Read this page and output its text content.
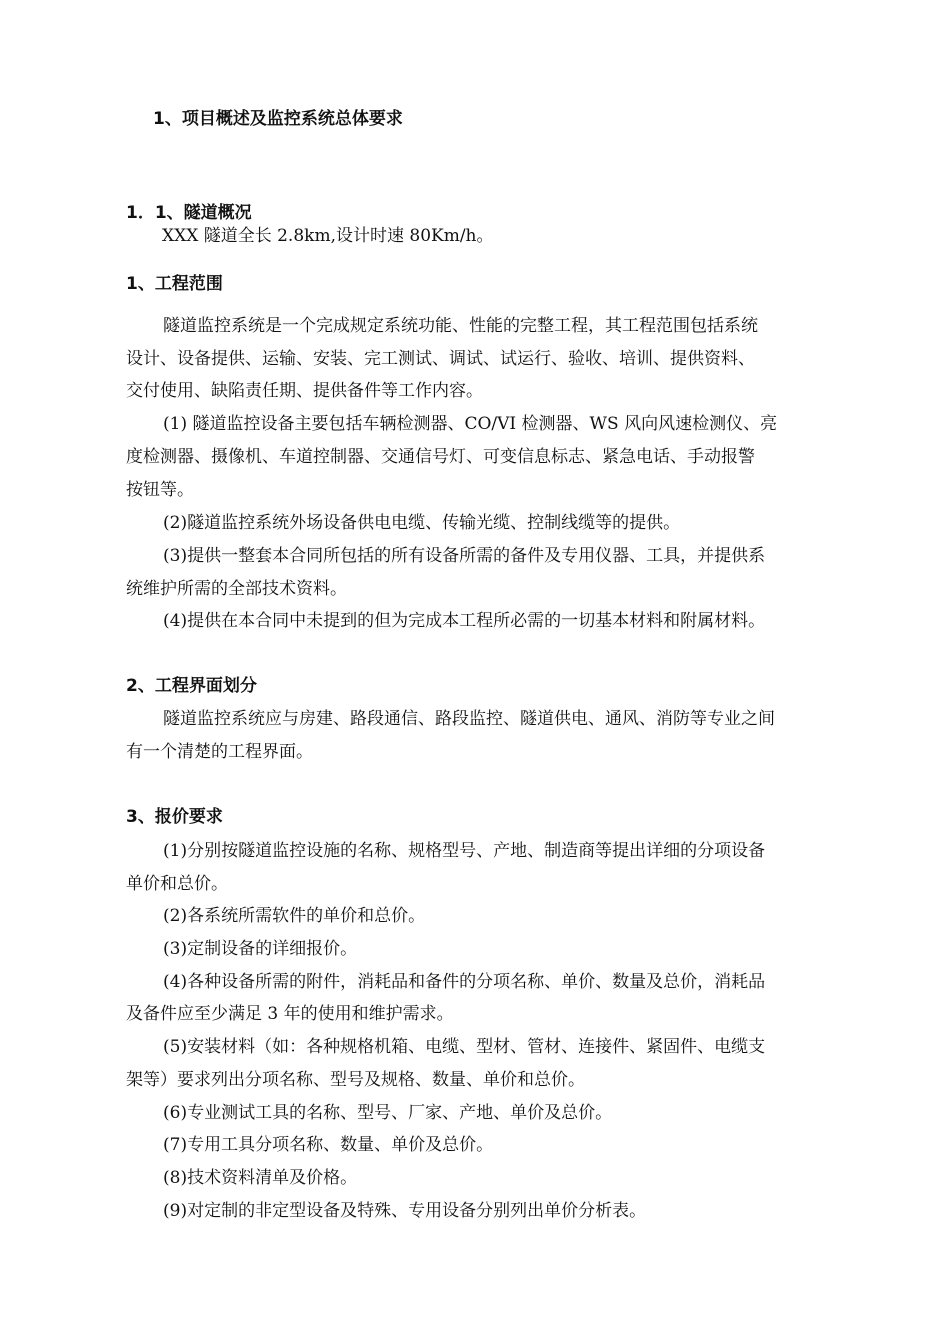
1、项目概述及监控系统总体要求
1．1、隧道概况
XXX 隧道全长 2.8km,设计时速 80Km/h。
1、工程范围
隧道监控系统是一个完成规定系统功能、性能的完整工程，其工程范围包括系统
设计、设备提供、运输、安装、完工测试、调试、试运行、验收、培训、提供资料、
交付使用、缺陷责任期、提供备件等工作内容。
(1) 隧道监控设备主要包括车辆检测器、CO/VI 检测器、WS 风向风速检测仪、亮
度检测器、摄像机、车道控制器、交通信号灯、可变信息标志、紧急电话、手动报警
按钮等。
(2)隧道监控系统外场设备供电电缆、传输光缆、控制线缆等的提供。
(3)提供一整套本合同所包括的所有设备所需的备件及专用仪器、工具，并提供系
统维护所需的全部技术资料。
(4)提供在本合同中未提到的但为完成本工程所必需的一切基本材料和附属材料。
2、工程界面划分
隧道监控系统应与房建、路段通信、路段监控、隧道供电、通风、消防等专业之间
有一个清楚的工程界面。
3、报价要求
(1)分别按隧道监控设施的名称、规格型号、产地、制造商等提出详细的分项设备
单价和总价。
(2)各系统所需软件的单价和总价。
(3)定制设备的详细报价。
(4)各种设备所需的附件，消耗品和备件的分项名称、单价、数量及总价，消耗品
及备件应至少满足 3 年的使用和维护需求。
(5)安装材料（如：各种规格机箱、电缆、型材、管材、连接件、紧固件、电缆支
架等）要求列出分项名称、型号及规格、数量、单价和总价。
(6)专业测试工具的名称、型号、厂家、产地、单价及总价。
(7)专用工具分项名称、数量、单价及总价。
(8)技术资料清单及价格。
(9)对定制的非定型设备及特殊、专用设备分别列出单价分析表。
